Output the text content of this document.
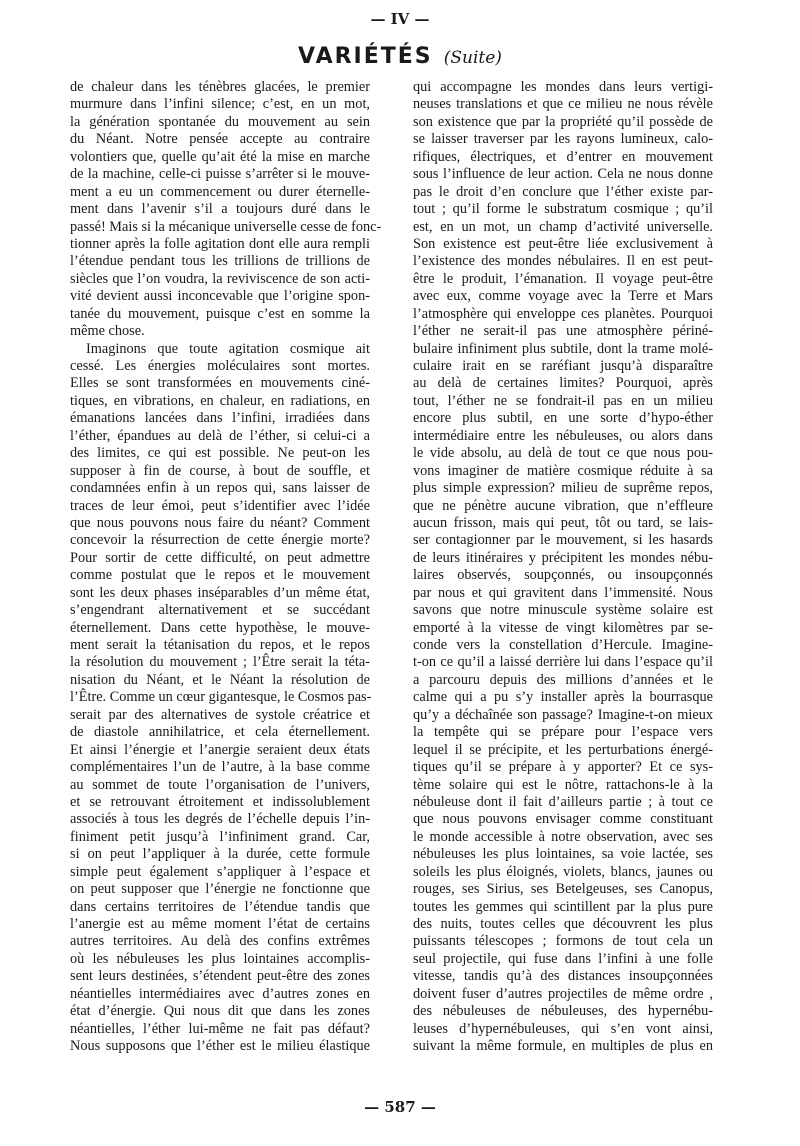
— IV —
VARIÉTÉS (Suite)
de chaleur dans les ténèbres glacées, le premier
murmure dans l’infini silence; c’est, en un mot,
la génération spontanée du mouvement au sein
du Néant. Notre pensée accepte au contraire
volontiers que, quelle qu’ait été la mise en marche
de la machine, celle-ci puisse s’arrêter si le mouve-
ment a eu un commencement ou durer éternelle-
ment dans l’avenir s’il a toujours duré dans le
passé! Mais si la mécanique universelle cesse de fonc-
tionner après la folle agitation dont elle aura rempli
l’étendue pendant tous les trillions de trillions de
siècles que l’on voudra, la reviviscence de son acti-
vité devient aussi inconcevable que l’origine spon-
tanée du mouvement, puisque c’est en somme la
même chose.
Imaginons que toute agitation cosmique ait
cessé. Les énergies moléculaires sont mortes.
Elles se sont transformées en mouvements ciné-
tiques, en vibrations, en chaleur, en radiations, en
émanations lancées dans l’infini, irradiées dans
l’éther, épandues au delà de l’éther, si celui-ci a
des limites, ce qui est possible. Ne peut-on les
supposer à fin de course, à bout de souffle, et
condamnées enfin à un repos qui, sans laisser de
traces de leur émoi, peut s’identifier avec l’idée
que nous pouvons nous faire du néant? Comment
concevoir la résurrection de cette énergie morte?
Pour sortir de cette difficulté, on peut admettre
comme postulat que le repos et le mouvement
sont les deux phases inséparables d’un même état,
s’engendrant alternativement et se succédant
éternellement. Dans cette hypothèse, le mouve-
ment serait la tétanisation du repos, et le repos
la résolution du mouvement ; l’Être serait la téta-
nisation du Néant, et le Néant la résolution de
l’Être. Comme un cœur gigantesque, le Cosmos pas-
serait par des alternatives de systole créatrice et
de diastole annihilatrice, et cela éternellement.
Et ainsi l’énergie et l’anergie seraient deux états
complémentaires l’un de l’autre, à la base comme
au sommet de toute l’organisation de l’univers,
et se retrouvant étroitement et indissolublement
associés à tous les degrés de l’échelle depuis l’in-
finiment petit jusqu’à l’infiniment grand. Car,
si on peut l’appliquer à la durée, cette formule
simple peut également s’appliquer à l’espace et
on peut supposer que l’énergie ne fonctionne que
dans certains territoires de l’étendue tandis que
l’anergie est au même moment l’état de certains
autres territoires. Au delà des confins extrêmes
où les nébuleuses les plus lointaines accomplis-
sent leurs destinées, s’étendent peut-être des zones
néantielles intermédiaires avec d’autres zones en
état d’énergie. Qui nous dit que dans les zones
néantielles, l’éther lui-même ne fait pas défaut?
Nous supposons que l’éther est le milieu élastique
qui accompagne les mondes dans leurs vertigi-
neuses translations et que ce milieu ne nous révèle
son existence que par la propriété qu’il possède de
se laisser traverser par les rayons lumineux, calo-
rifiques, électriques, et d’entrer en mouvement
sous l’influence de leur action. Cela ne nous donne
pas le droit d’en conclure que l’éther existe par-
tout ; qu’il forme le substratum cosmique ; qu’il
est, en un mot, un champ d’activité universelle.
Son existence est peut-être liée exclusivement à
l’existence des mondes nébulaires. Il en est peut-
être le produit, l’émanation. Il voyage peut-être
avec eux, comme voyage avec la Terre et Mars
l’atmosphère qui enveloppe ces planètes. Pourquoi
l’éther ne serait-il pas une atmosphère périné-
bulaire infiniment plus subtile, dont la trame molé-
culaire irait en se raréfiant jusqu’à disparaître
au delà de certaines limites? Pourquoi, après
tout, l’éther ne se fondrait-il pas en un milieu
encore plus subtil, en une sorte d’hypo-éther
intermédiaire entre les nébuleuses, ou alors dans
le vide absolu, au delà de tout ce que nous pou-
vons imaginer de matière cosmique réduite à sa
plus simple expression? milieu de suprême repos,
que ne pénètre aucune vibration, que n’effleure
aucun frisson, mais qui peut, tôt ou tard, se lais-
ser contagionner par le mouvement, si les hasards
de leurs itinéraires y précipitent les mondes nébu-
laires observés, soupçonnés, ou insoupçonnés
par nous et qui gravitent dans l’immensité. Nous
savons que notre minuscule système solaire est
emporté à la vitesse de vingt kilomètres par se-
conde vers la constellation d’Hercule. Imagine-
t-on ce qu’il a laissé derrière lui dans l’espace qu’il
a parcouru depuis des millions d’années et le
calme qui a pu s’y installer après la bourrasque
qu’y a déchaînée son passage? Imagine-t-on mieux
la tempête qui se prépare pour l’espace vers
lequel il se précipite, et les perturbations énergé-
tiques qu’il se prépare à y apporter? Et ce sys-
tème solaire qui est le nôtre, rattachons-le à la
nébuleuse dont il fait d’ailleurs partie ; à tout ce
que nous pouvons envisager comme constituant
le monde accessible à notre observation, avec ses
nébuleuses les plus lointaines, sa voie lactée, ses
soleils les plus éloignés, violets, blancs, jaunes ou
rouges, ses Sirius, ses Betelgeuses, ses Canopus,
toutes les gemmes qui scintillent par la plus pure
des nuits, toutes celles que découvrent les plus
puissants télescopes ; formons de tout cela un
seul projectile, qui fuse dans l’infini à une folle
vitesse, tandis qu’à des distances insoupçonnées
doivent fuser d’autres projectiles de même ordre ,
des nébuleuses de nébuleuses, des hypernébu-
leuses d’hypernébuleuses, qui s’en vont ainsi,
suivant la même formule, en multiples de plus en
— 587 —
